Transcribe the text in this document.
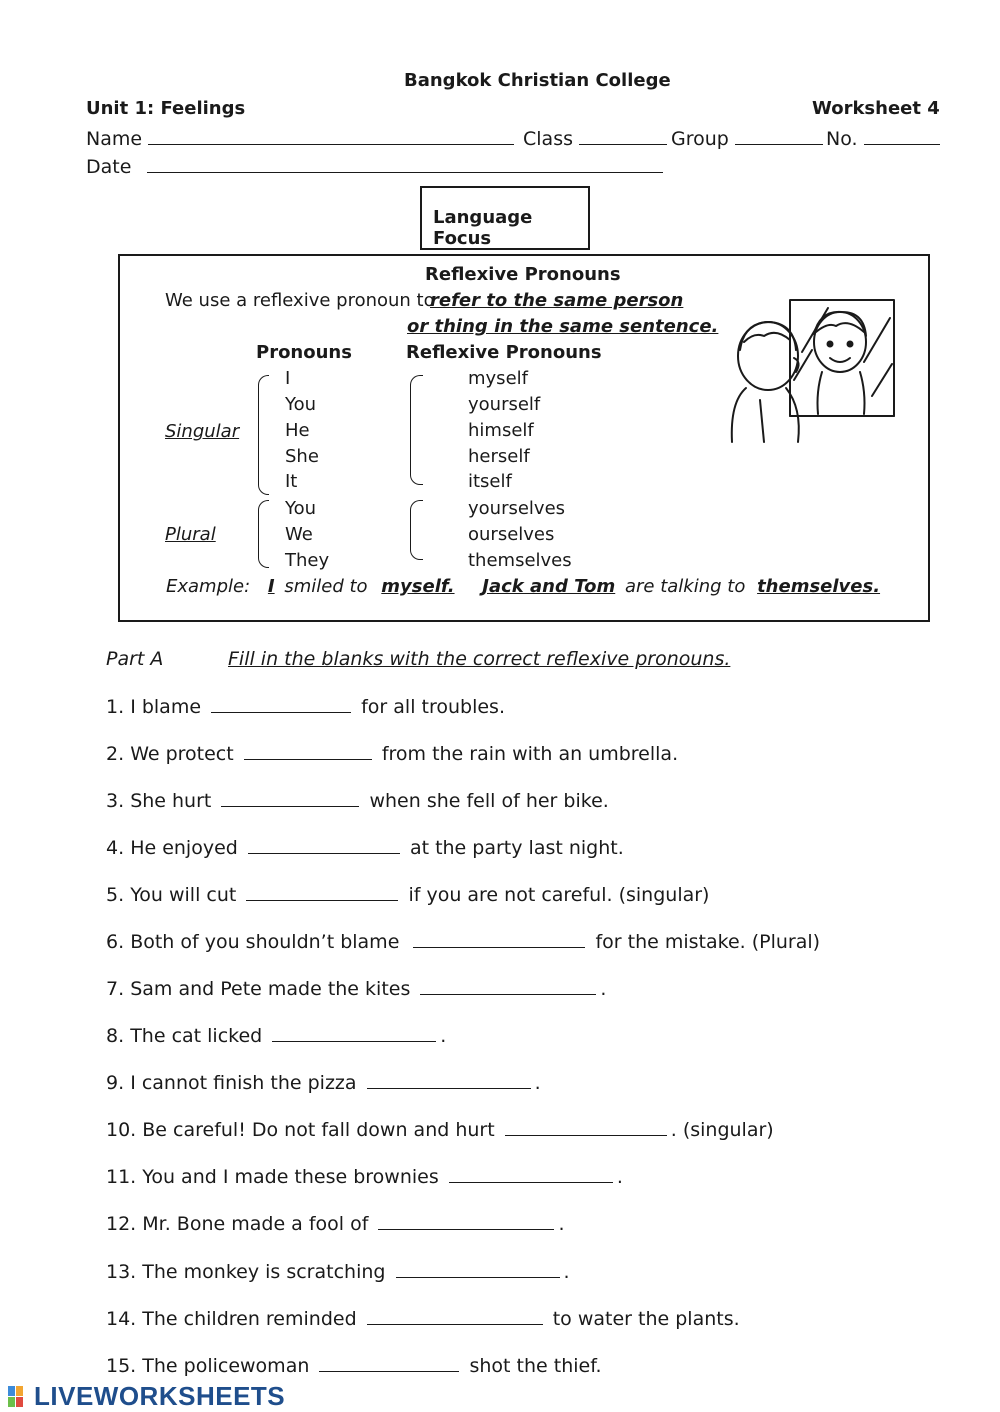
Bangkok Christian College
Unit 1: Feelings	Worksheet 4
Name	Class	Group	No.
Date
Language Focus
Reflexive Pronouns
We use a reflexive pronoun to
refer to the same person
or thing in the same sentence.
Pronouns	Reflexive Pronouns
Singular
Plural
I	myself
You	yourself
He	himself
She	herself
It	itself
You	yourselves
We	ourselves
They	themselves
Example: I smiled to myself. Jack and Tom are talking to themselves.
Part A	Fill in the blanks with the correct reflexive pronouns.
1. I blame	for all troubles.
2. We protect	from the rain with an umbrella.
3. She hurt	when she fell of her bike.
4. He enjoyed	at the party last night.
5. You will cut	if you are not careful. (singular)
6. Both of you shouldn’t blame	for the mistake. (Plural)
7. Sam and Pete made the kites	.
8. The cat licked	.
9. I cannot finish the pizza	.
10. Be careful! Do not fall down and hurt	. (singular)
11. You and I made these brownies	.
12. Mr. Bone made a fool of	.
13. The monkey is scratching	.
14. The children reminded	to water the plants.
15. The policewoman	shot the thief.
LIVEWORKSHEETS
